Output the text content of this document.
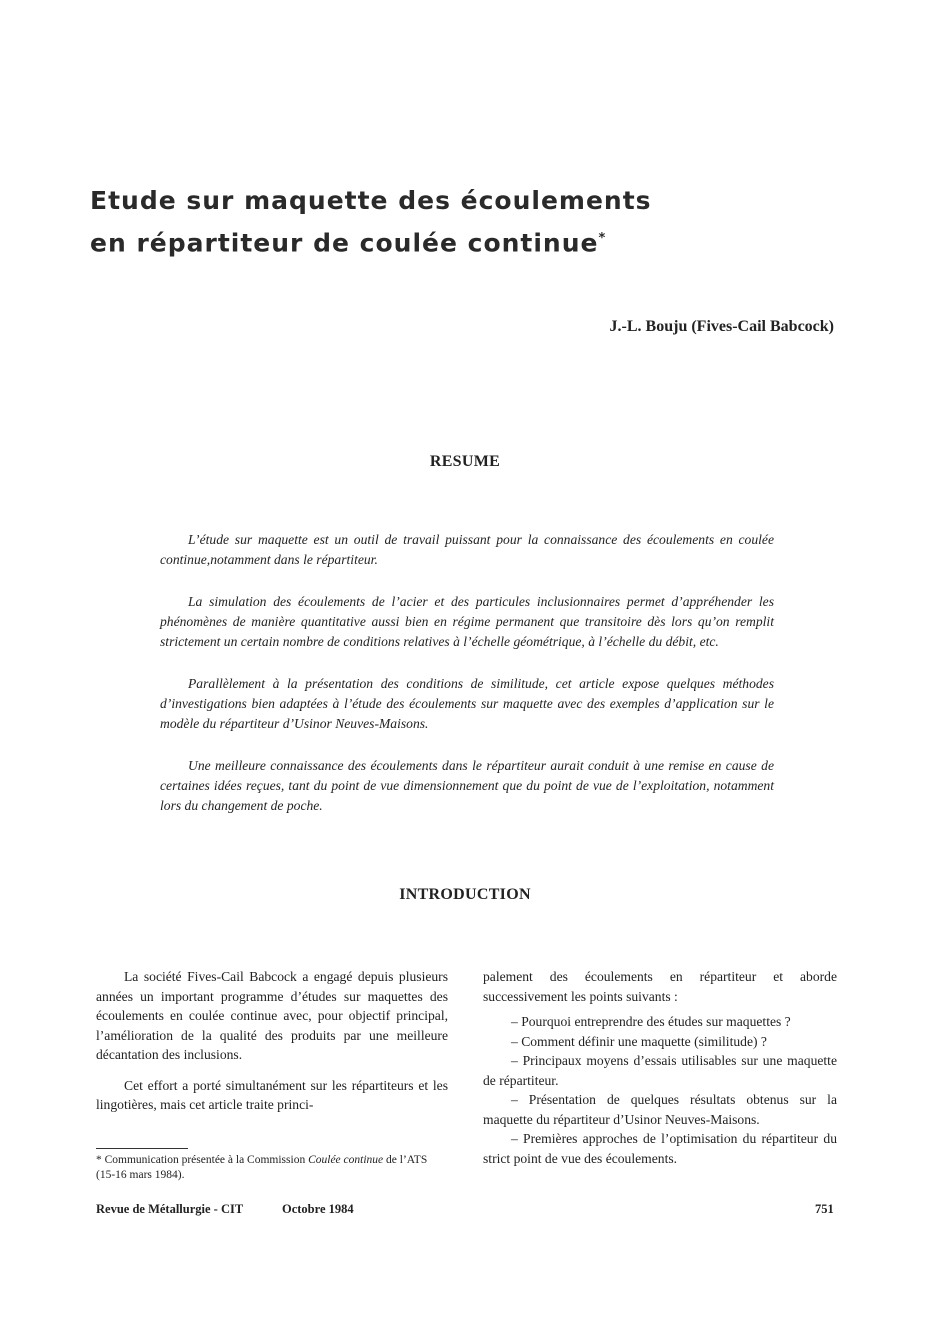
Etude sur maquette des écoulements
en répartiteur de coulée continue*
J.-L. Bouju (Fives-Cail Babcock)
RESUME

L’étude sur maquette est un outil de travail puissant pour la connaissance des écoulements en coulée continue,notamment dans le répartiteur.

La simulation des écoulements de l’acier et des particules inclusionnaires permet d’appréhender les phénomènes de manière quantitative aussi bien en régime permanent que transitoire dès lors qu’on remplit strictement un certain nombre de conditions relatives à l’échelle géométrique, à l’échelle du débit, etc.

Parallèlement à la présentation des conditions de similitude, cet article expose quelques méthodes d’investigations bien adaptées à l’étude des écoulements sur maquette avec des exemples d’application sur le modèle du répartiteur d’Usinor Neuves-Maisons.

Une meilleure connaissance des écoulements dans le répartiteur aurait conduit à une remise en cause de certaines idées reçues, tant du point de vue dimensionnement que du point de vue de l’exploitation, notamment lors du changement de poche.

INTRODUCTION

La société Fives-Cail Babcock a engagé depuis plusieurs années un important programme d’études sur maquettes des écoulements en coulée continue avec, pour objectif principal, l’amélioration de la qualité des produits par une meilleure décantation des inclusions.

Cet effort a porté simultanément sur les répartiteurs et les lingotières, mais cet article traite princi-

palement des écoulements en répartiteur et aborde successivement les points suivants :

– Pourquoi entreprendre des études sur maquettes ?

– Comment définir une maquette (similitude) ?

– Principaux moyens d’essais utilisables sur une maquette de répartiteur.

– Présentation de quelques résultats obtenus sur la maquette du répartiteur d’Usinor Neuves-Maisons.

– Premières approches de l’optimisation du répartiteur du strict point de vue des écoulements.

* Communication présentée à la Commission Coulée continue de l’ATS (15-16 mars 1984).
Revue de Métallurgie - CIT	Octobre 1984	751
